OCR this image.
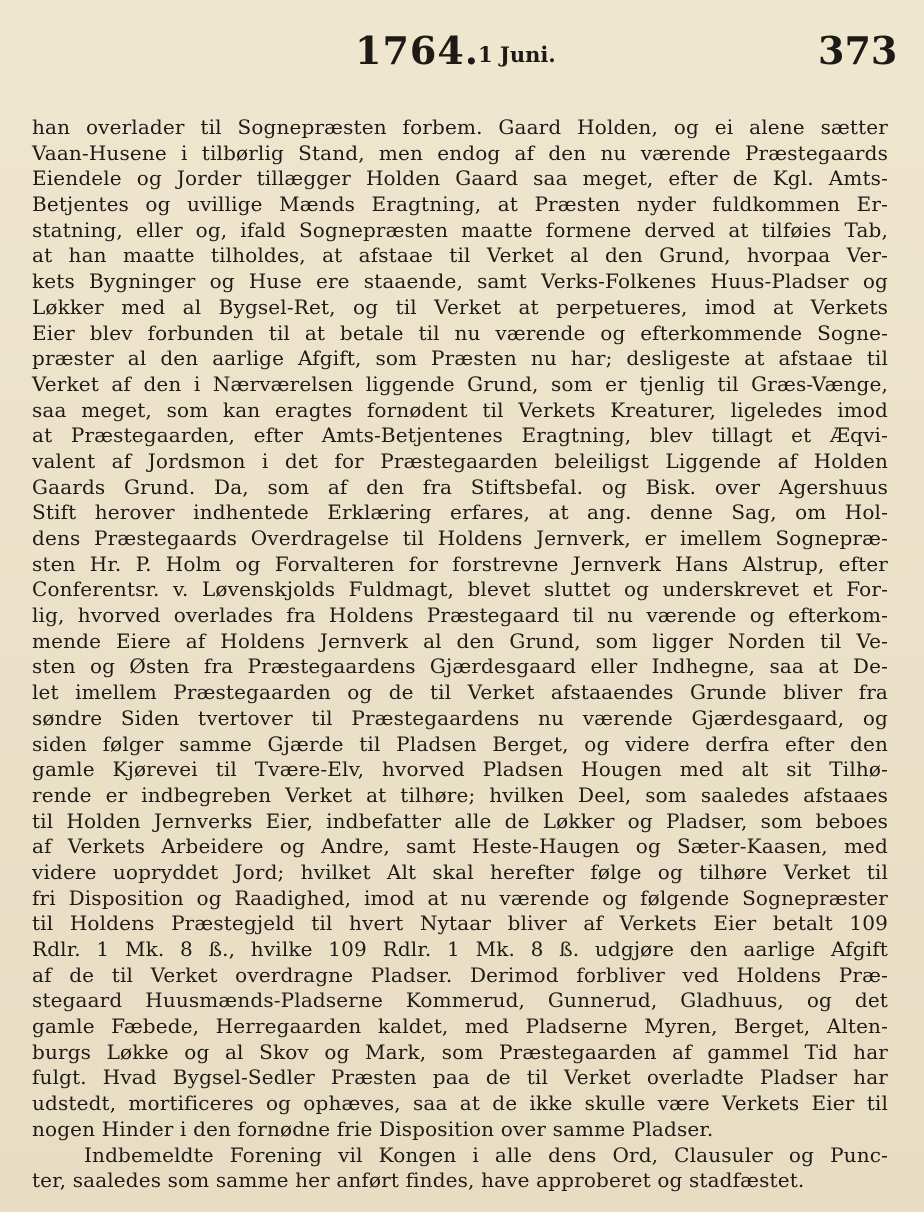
1764. 1 Juni.	373
han overlader til Sognepræsten forbem. Gaard Holden, og ei alene sætter
Vaan-Husene i tilbørlig Stand, men endog af den nu værende Præstegaards
Eiendele og Jorder tillægger Holden Gaard saa meget, efter de Kgl. Amts-
Betjentes og uvillige Mænds Eragtning, at Præsten nyder fuldkommen Er-
statning, eller og, ifald Sognepræsten maatte formene derved at tilføies Tab,
at han maatte tilholdes, at afstaae til Verket al den Grund, hvorpaa Ver-
kets Bygninger og Huse ere staaende, samt Verks-Folkenes Huus-Pladser og
Løkker med al Bygsel-Ret, og til Verket at perpetueres, imod at Verkets
Eier blev forbunden til at betale til nu værende og efterkommende Sogne-
præster al den aarlige Afgift, som Præsten nu har; desligeste at afstaae til
Verket af den i Nærværelsen liggende Grund, som er tjenlig til Græs-Vænge,
saa meget, som kan eragtes fornødent til Verkets Kreaturer, ligeledes imod
at Præstegaarden, efter Amts-Betjentenes Eragtning, blev tillagt et Æqvi-
valent af Jordsmon i det for Præstegaarden beleiligst Liggende af Holden
Gaards Grund. Da, som af den fra Stiftsbefal. og Bisk. over Agershuus
Stift herover indhentede Erklæring erfares, at ang. denne Sag, om Hol-
dens Præstegaards Overdragelse til Holdens Jernverk, er imellem Sognepræ-
sten Hr. P. Holm og Forvalteren for forstrevne Jernverk Hans Alstrup, efter
Conferentsr. v. Løvenskjolds Fuldmagt, blevet sluttet og underskrevet et For-
lig, hvorved overlades fra Holdens Præstegaard til nu værende og efterkom-
mende Eiere af Holdens Jernverk al den Grund, som ligger Norden til Ve-
sten og Østen fra Præstegaardens Gjærdesgaard eller Indhegne, saa at De-
let imellem Præstegaarden og de til Verket afstaaendes Grunde bliver fra
søndre Siden tvertover til Præstegaardens nu værende Gjærdesgaard, og
siden følger samme Gjærde til Pladsen Berget, og videre derfra efter den
gamle Kjørevei til Tvære-Elv, hvorved Pladsen Hougen med alt sit Tilhø-
rende er indbegreben Verket at tilhøre; hvilken Deel, som saaledes afstaaes
til Holden Jernverks Eier, indbefatter alle de Løkker og Pladser, som beboes
af Verkets Arbeidere og Andre, samt Heste-Haugen og Sæter-Kaasen, med
videre uopryddet Jord; hvilket Alt skal herefter følge og tilhøre Verket til
fri Disposition og Raadighed, imod at nu værende og følgende Sognepræster
til Holdens Præstegjeld til hvert Nytaar bliver af Verkets Eier betalt 109
Rdlr. 1 Mk. 8 ß., hvilke 109 Rdlr. 1 Mk. 8 ß. udgjøre den aarlige Afgift
af de til Verket overdragne Pladser. Derimod forbliver ved Holdens Præ-
stegaard Huusmænds-Pladserne Kommerud, Gunnerud, Gladhuus, og det
gamle Fæbede, Herregaarden kaldet, med Pladserne Myren, Berget, Alten-
burgs Løkke og al Skov og Mark, som Præstegaarden af gammel Tid har
fulgt. Hvad Bygsel-Sedler Præsten paa de til Verket overladte Pladser har
udstedt, mortificeres og ophæves, saa at de ikke skulle være Verkets Eier til
nogen Hinder i den fornødne frie Disposition over samme Pladser.
Indbemeldte Forening vil Kongen i alle dens Ord, Clausuler og Punc-
ter, saaledes som samme her anført findes, have approberet og stadfæstet.
